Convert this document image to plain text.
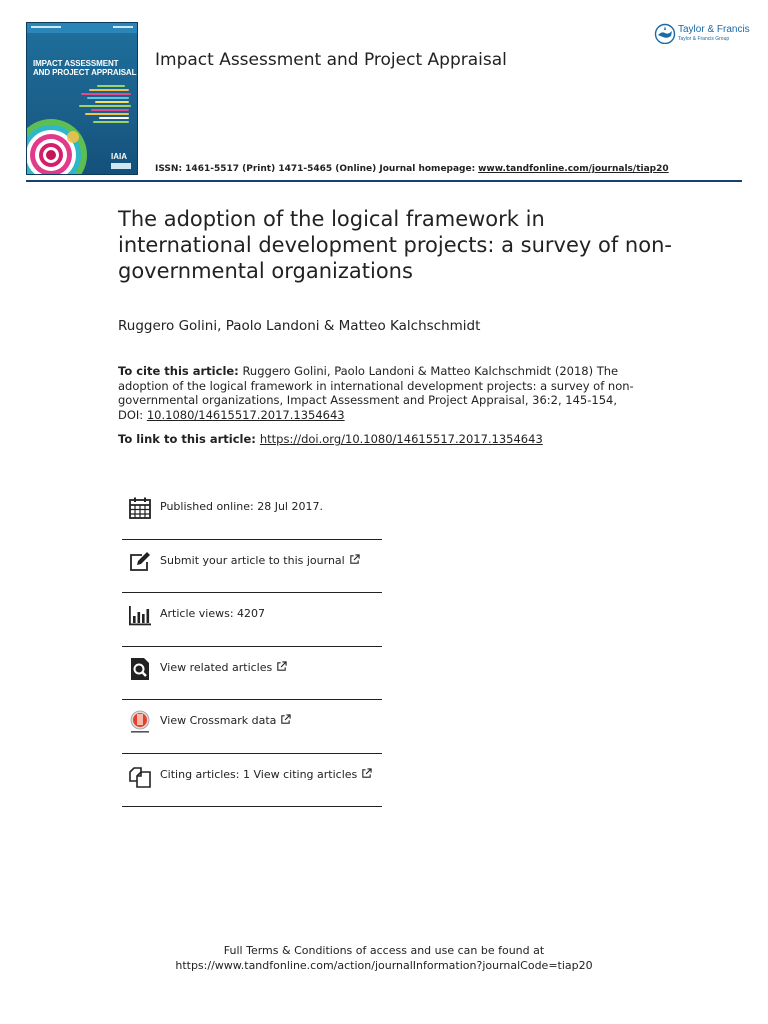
IMPACT ASSESSMENT
AND PROJECT APPRAISAL
IAIA
Impact Assessment and Project Appraisal
ISSN: 1461-5517 (Print) 1471-5465 (Online) Journal homepage: www.tandfonline.com/journals/tiap20
Taylor & Francis
Taylor & Francis Group
The adoption of the logical framework in international development projects: a survey of non-governmental organizations
Ruggero Golini, Paolo Landoni & Matteo Kalchschmidt
To cite this article: Ruggero Golini, Paolo Landoni & Matteo Kalchschmidt (2018) The adoption of the logical framework in international development projects: a survey of non-governmental organizations, Impact Assessment and Project Appraisal, 36:2, 145-154, DOI: 10.1080/14615517.2017.1354643
To link to this article: https://doi.org/10.1080/14615517.2017.1354643
Published online: 28 Jul 2017.
Submit your article to this journal
Article views: 4207
View related articles
View Crossmark data
Citing articles: 1 View citing articles
Full Terms & Conditions of access and use can be found at
https://www.tandfonline.com/action/journalInformation?journalCode=tiap20
